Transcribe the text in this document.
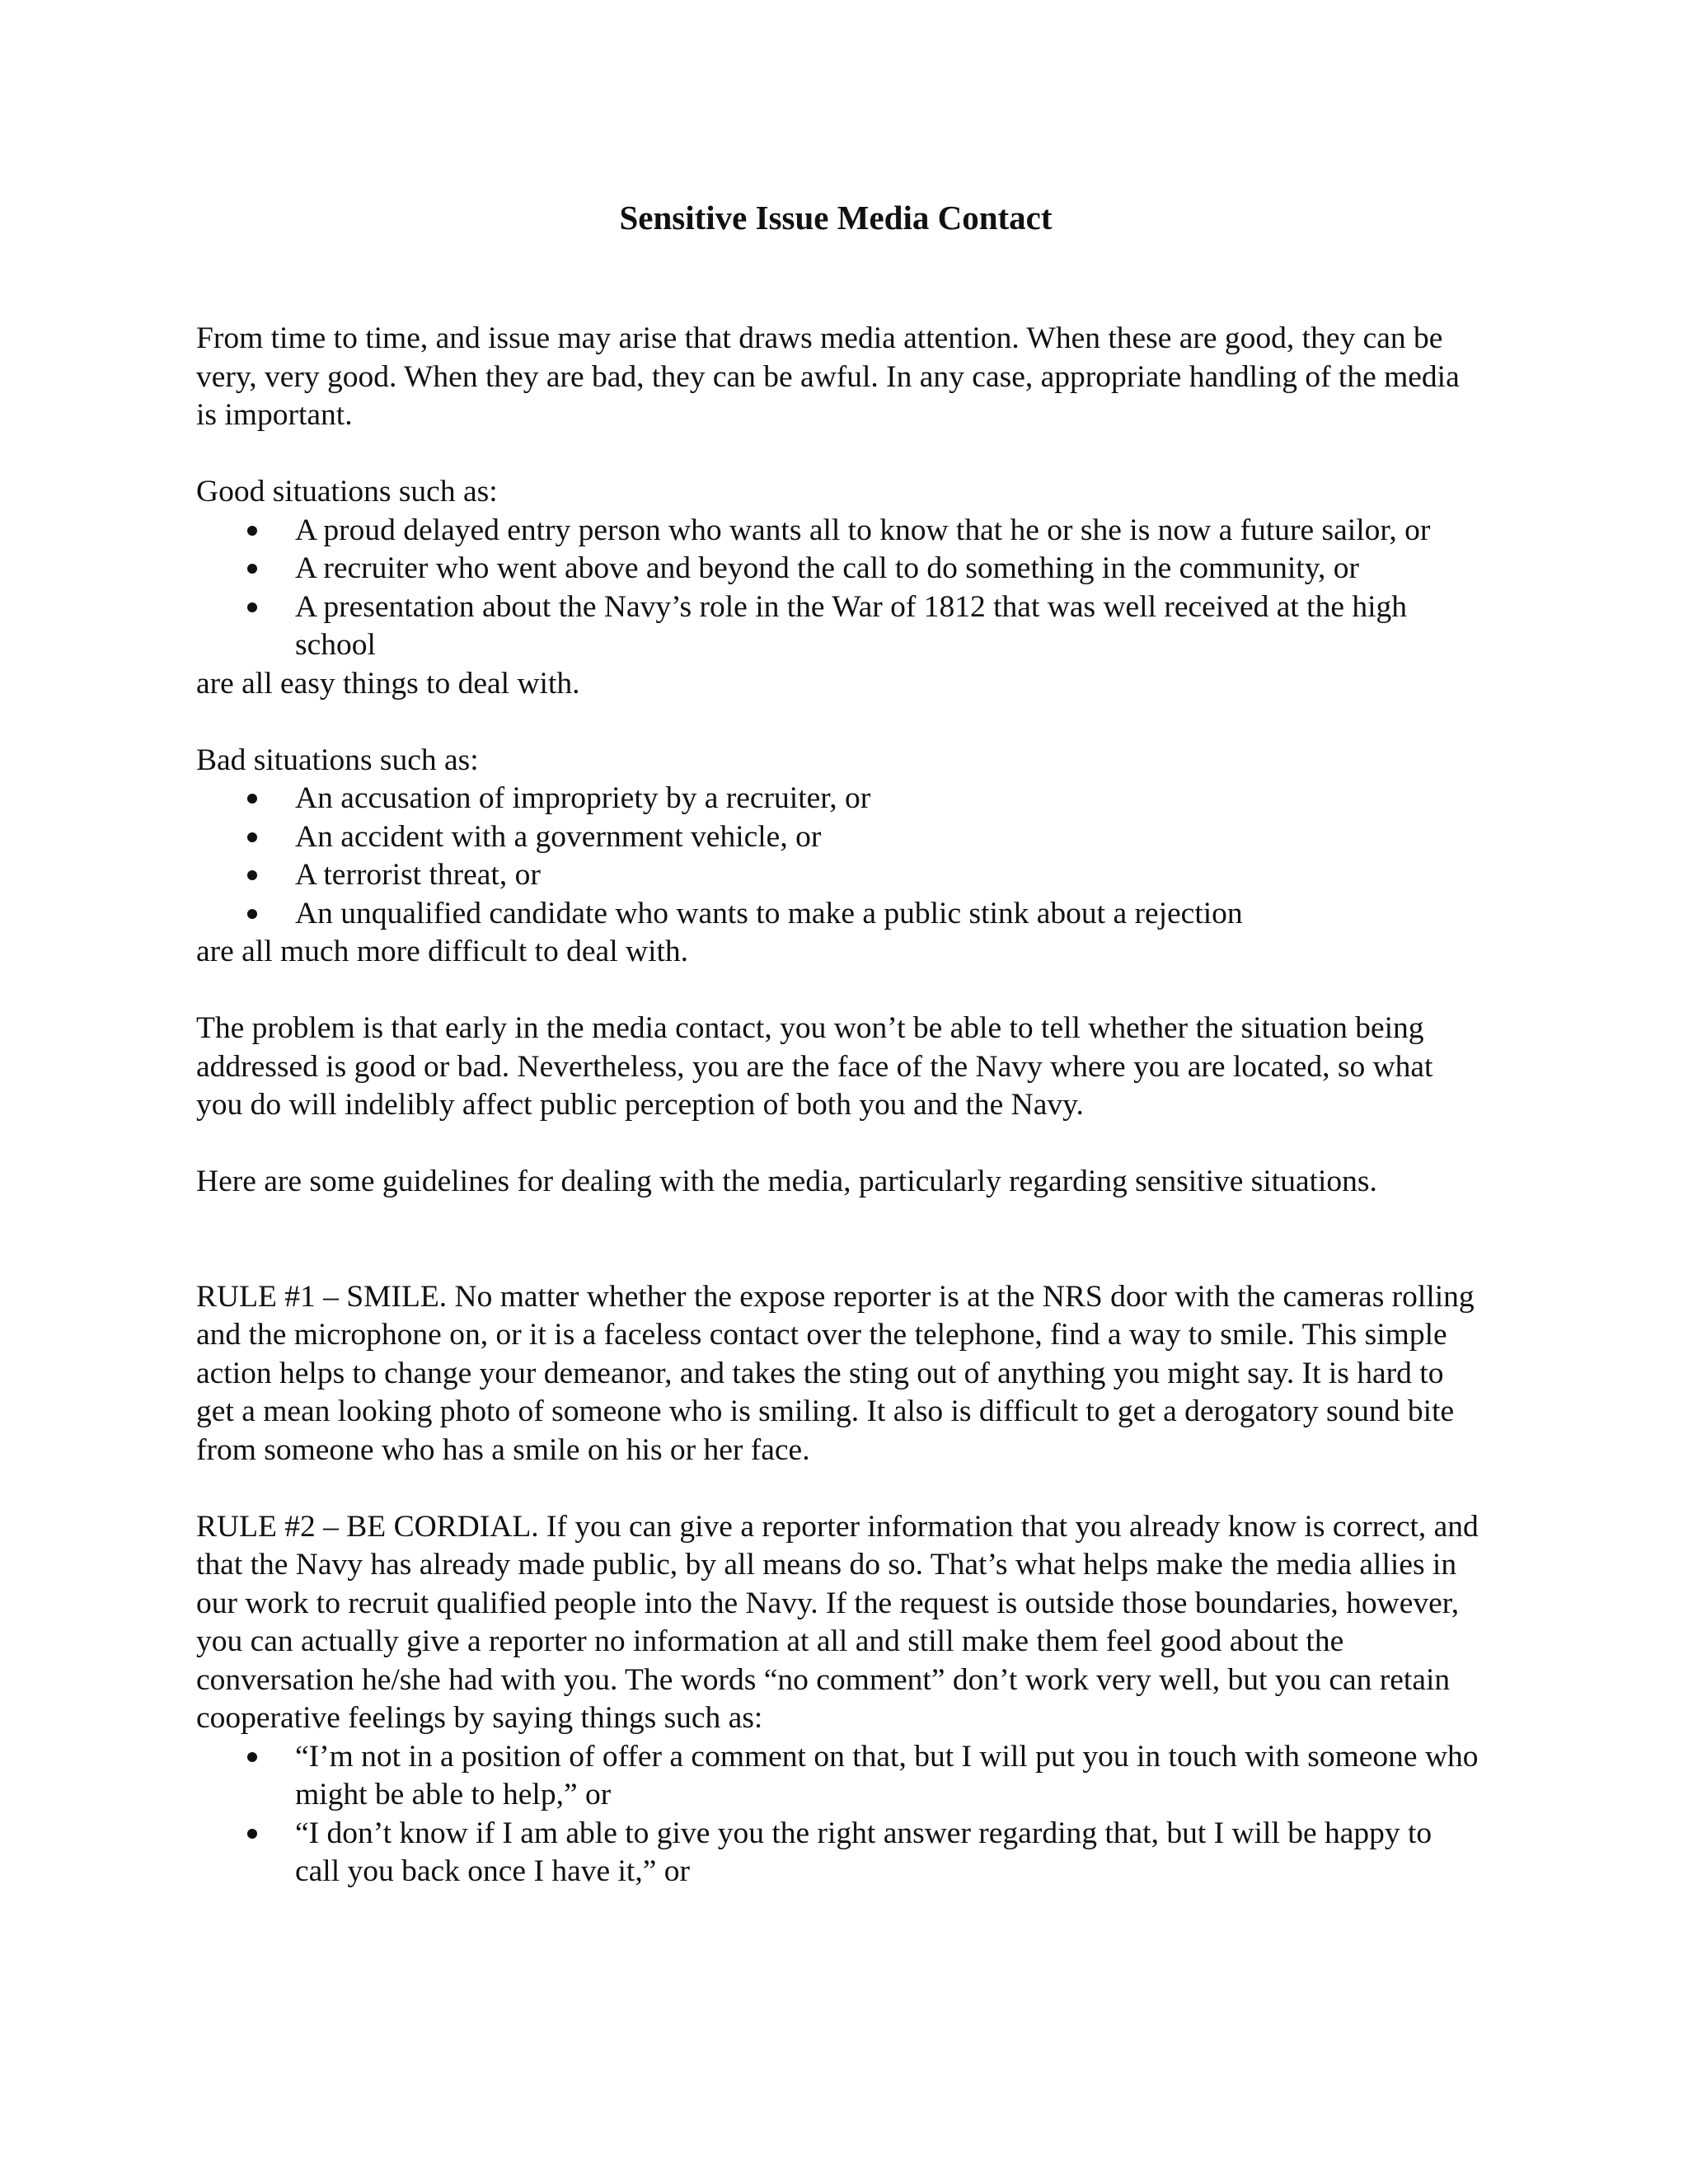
Sensitive Issue Media Contact

From time to time, and issue may arise that draws media attention. When these are good, they can be very, very good. When they are bad, they can be awful. In any case, appropriate handling of the media is important.

Good situations such as:

A proud delayed entry person who wants all to know that he or she is now a future sailor, or
A recruiter who went above and beyond the call to do something in the community, or
A presentation about the Navy’s role in the War of 1812 that was well received at the high school

are all easy things to deal with.

Bad situations such as:

An accusation of impropriety by a recruiter, or
An accident with a government vehicle, or
A terrorist threat, or
An unqualified candidate who wants to make a public stink about a rejection

are all much more difficult to deal with.

The problem is that early in the media contact, you won’t be able to tell whether the situation being addressed is good or bad. Nevertheless, you are the face of the Navy where you are located, so what you do will indelibly affect public perception of both you and the Navy.

Here are some guidelines for dealing with the media, particularly regarding sensitive situations.

RULE #1 – SMILE. No matter whether the expose reporter is at the NRS door with the cameras rolling and the microphone on, or it is a faceless contact over the telephone, find a way to smile. This simple action helps to change your demeanor, and takes the sting out of anything you might say. It is hard to get a mean looking photo of someone who is smiling. It also is difficult to get a derogatory sound bite from someone who has a smile on his or her face.

RULE #2 – BE CORDIAL. If you can give a reporter information that you already know is correct, and that the Navy has already made public, by all means do so. That’s what helps make the media allies in our work to recruit qualified people into the Navy. If the request is outside those boundaries, however, you can actually give a reporter no information at all and still make them feel good about the conversation he/she had with you. The words “no comment” don’t work very well, but you can retain cooperative feelings by saying things such as:

“I’m not in a position of offer a comment on that, but I will put you in touch with someone who might be able to help,” or
“I don’t know if I am able to give you the right answer regarding that, but I will be happy to call you back once I have it,” or
